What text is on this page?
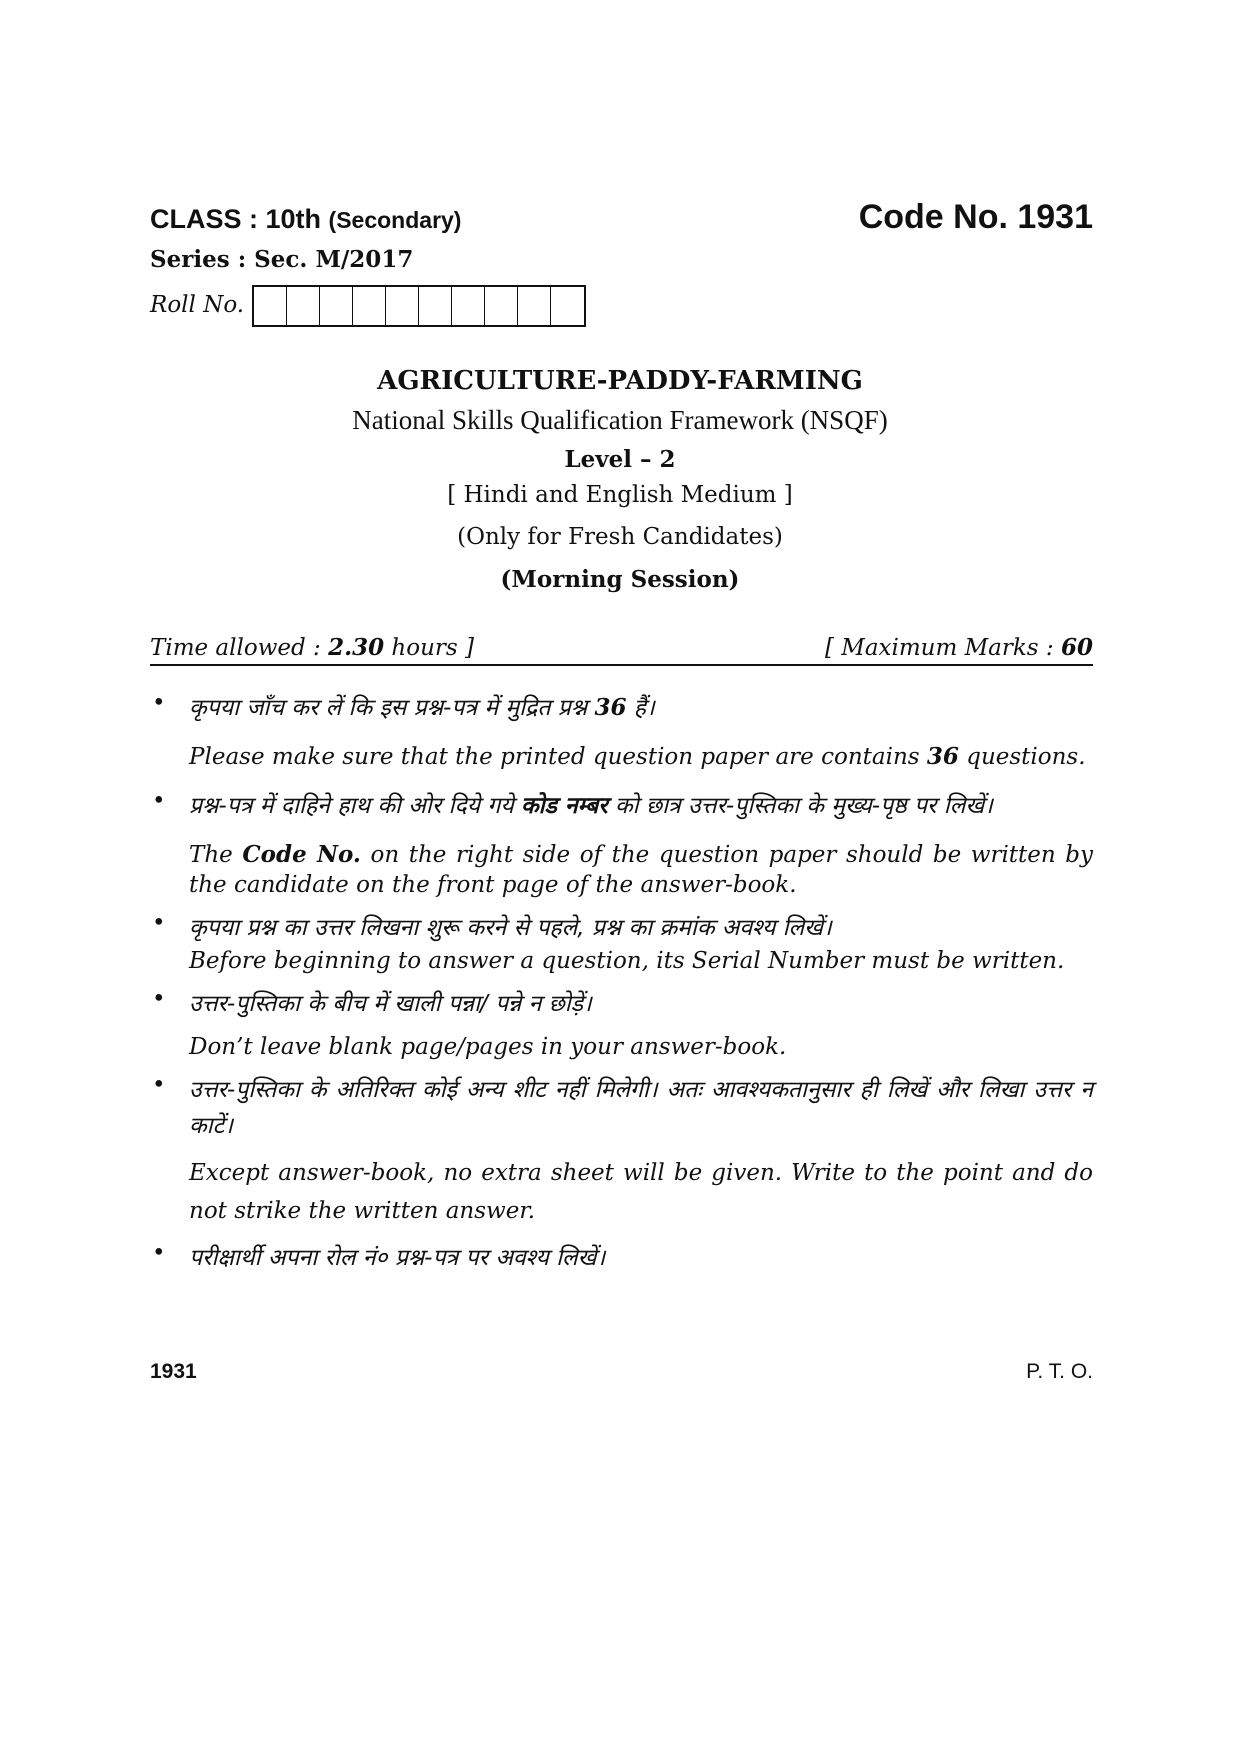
CLASS : 10th (Secondary)	Code No. 1931
Series : Sec. M/2017
Roll No.
AGRICULTURE-PADDY-FARMING
National Skills Qualification Framework (NSQF)
Level – 2
[ Hindi and English Medium ]
(Only for Fresh Candidates)
(Morning Session)
Time allowed : 2.30 hours ]	[ Maximum Marks : 60
• कृपया जाँच कर लें कि इस प्रश्न-पत्र में मुद्रित प्रश्न 36 हैं।
Please make sure that the printed question paper are contains 36 questions.
• प्रश्न-पत्र में दाहिने हाथ की ओर दिये गये कोड नम्बर को छात्र उत्तर-पुस्तिका के मुख्य-पृष्ठ पर लिखें।
The Code No. on the right side of the question paper should be written by the candidate on the front page of the answer-book.
• कृपया प्रश्न का उत्तर लिखना शुरू करने से पहले, प्रश्न का क्रमांक अवश्य लिखें।
Before beginning to answer a question, its Serial Number must be written.
• उत्तर-पुस्तिका के बीच में खाली पन्ना/ पन्ने न छोड़ें।
Don’t leave blank page/pages in your answer-book.
• उत्तर-पुस्तिका के अतिरिक्त कोई अन्य शीट नहीं मिलेगी। अतः आवश्यकतानुसार ही लिखें और लिखा उत्तर न काटें।
Except answer-book, no extra sheet will be given. Write to the point and do not strike the written answer.
• परीक्षार्थी अपना रोल नं० प्रश्न-पत्र पर अवश्य लिखें।
1931	P. T. O.
